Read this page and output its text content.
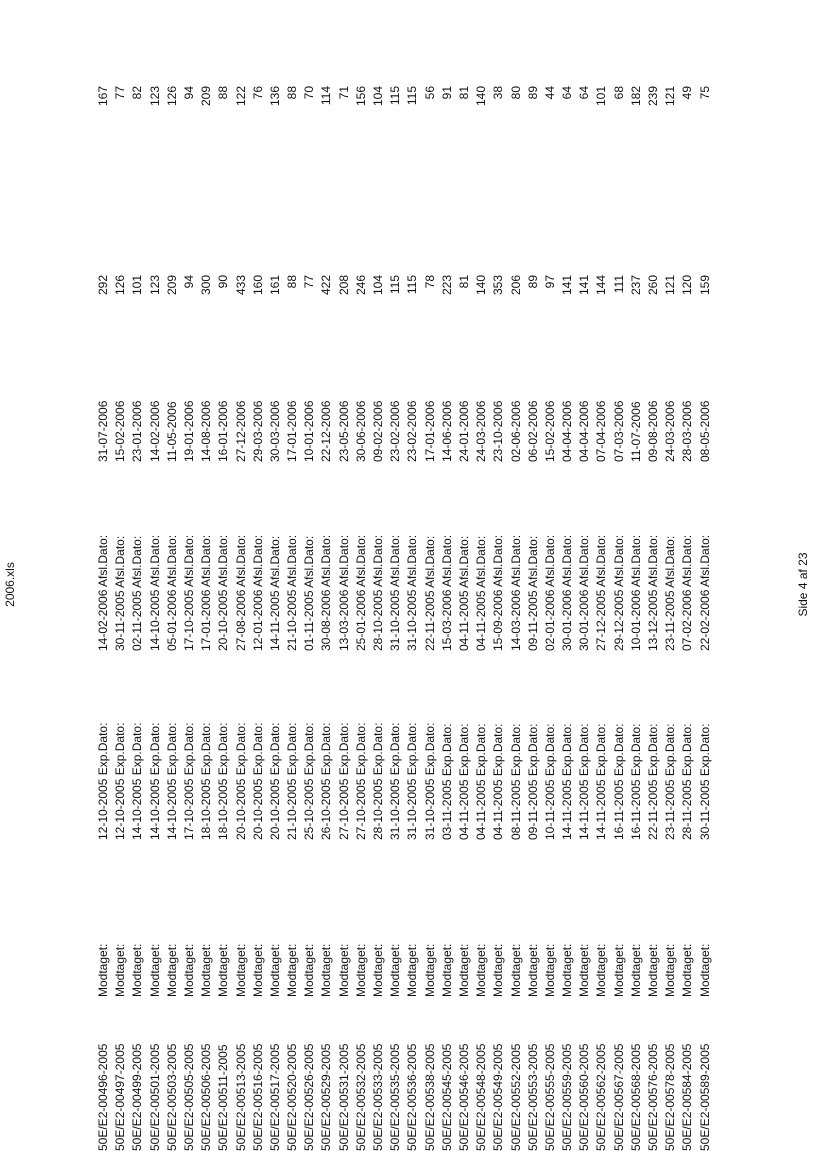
2006.xls
50E/E2-00496-2005
Modtaget:
12-10-2005 Exp.Dato:
14-02-2006 Afsl.Dato:
31-07-2006
292
167
50E/E2-00497-2005
Modtaget:
12-10-2005 Exp.Dato:
30-11-2005 Afsl.Dato:
15-02-2006
126
77
50E/E2-00499-2005
Modtaget:
14-10-2005 Exp.Dato:
02-11-2005 Afsl.Dato:
23-01-2006
101
82
50E/E2-00501-2005
Modtaget:
14-10-2005 Exp.Dato:
14-10-2005 Afsl.Dato:
14-02-2006
123
123
50E/E2-00503-2005
Modtaget:
14-10-2005 Exp.Dato:
05-01-2006 Afsl.Dato:
11-05-2006
209
126
50E/E2-00505-2005
Modtaget:
17-10-2005 Exp.Dato:
17-10-2005 Afsl.Dato:
19-01-2006
94
94
50E/E2-00506-2005
Modtaget:
18-10-2005 Exp.Dato:
17-01-2006 Afsl.Dato:
14-08-2006
300
209
50E/E2-00511-2005
Modtaget:
18-10-2005 Exp.Dato:
20-10-2005 Afsl.Dato:
16-01-2006
90
88
50E/E2-00513-2005
Modtaget:
20-10-2005 Exp.Dato:
27-08-2006 Afsl.Dato:
27-12-2006
433
122
50E/E2-00516-2005
Modtaget:
20-10-2005 Exp.Dato:
12-01-2006 Afsl.Dato:
29-03-2006
160
76
50E/E2-00517-2005
Modtaget:
20-10-2005 Exp.Dato:
14-11-2005 Afsl.Dato:
30-03-2006
161
136
50E/E2-00520-2005
Modtaget:
21-10-2005 Exp.Dato:
21-10-2005 Afsl.Dato:
17-01-2006
88
88
50E/E2-00526-2005
Modtaget:
25-10-2005 Exp.Dato:
01-11-2005 Afsl.Dato:
10-01-2006
77
70
50E/E2-00529-2005
Modtaget:
26-10-2005 Exp.Dato:
30-08-2006 Afsl.Dato:
22-12-2006
422
114
50E/E2-00531-2005
Modtaget:
27-10-2005 Exp.Dato:
13-03-2006 Afsl.Dato:
23-05-2006
208
71
50E/E2-00532-2005
Modtaget:
27-10-2005 Exp.Dato:
25-01-2006 Afsl.Dato:
30-06-2006
246
156
50E/E2-00533-2005
Modtaget:
28-10-2005 Exp.Dato:
28-10-2005 Afsl.Dato:
09-02-2006
104
104
50E/E2-00535-2005
Modtaget:
31-10-2005 Exp.Dato:
31-10-2005 Afsl.Dato:
23-02-2006
115
115
50E/E2-00536-2005
Modtaget:
31-10-2005 Exp.Dato:
31-10-2005 Afsl.Dato:
23-02-2006
115
115
50E/E2-00538-2005
Modtaget:
31-10-2005 Exp.Dato:
22-11-2005 Afsl.Dato:
17-01-2006
78
56
50E/E2-00545-2005
Modtaget:
03-11-2005 Exp.Dato:
15-03-2006 Afsl.Dato:
14-06-2006
223
91
50E/E2-00546-2005
Modtaget:
04-11-2005 Exp.Dato:
04-11-2005 Afsl.Dato:
24-01-2006
81
81
50E/E2-00548-2005
Modtaget:
04-11-2005 Exp.Dato:
04-11-2005 Afsl.Dato:
24-03-2006
140
140
50E/E2-00549-2005
Modtaget:
04-11-2005 Exp.Dato:
15-09-2006 Afsl.Dato:
23-10-2006
353
38
50E/E2-00552-2005
Modtaget:
08-11-2005 Exp.Dato:
14-03-2006 Afsl.Dato:
02-06-2006
206
80
50E/E2-00553-2005
Modtaget:
09-11-2005 Exp.Dato:
09-11-2005 Afsl.Dato:
06-02-2006
89
89
50E/E2-00555-2005
Modtaget:
10-11-2005 Exp.Dato:
02-01-2006 Afsl.Dato:
15-02-2006
97
44
50E/E2-00559-2005
Modtaget:
14-11-2005 Exp.Dato:
30-01-2006 Afsl.Dato:
04-04-2006
141
64
50E/E2-00560-2005
Modtaget:
14-11-2005 Exp.Dato:
30-01-2006 Afsl.Dato:
04-04-2006
141
64
50E/E2-00562-2005
Modtaget:
14-11-2005 Exp.Dato:
27-12-2005 Afsl.Dato:
07-04-2006
144
101
50E/E2-00567-2005
Modtaget:
16-11-2005 Exp.Dato:
29-12-2005 Afsl.Dato:
07-03-2006
111
68
50E/E2-00568-2005
Modtaget:
16-11-2005 Exp.Dato:
10-01-2006 Afsl.Dato:
11-07-2006
237
182
50E/E2-00576-2005
Modtaget:
22-11-2005 Exp.Dato:
13-12-2005 Afsl.Dato:
09-08-2006
260
239
50E/E2-00578-2005
Modtaget:
23-11-2005 Exp.Dato:
23-11-2005 Afsl.Dato:
24-03-2006
121
121
50E/E2-00584-2005
Modtaget:
28-11-2005 Exp.Dato:
07-02-2006 Afsl.Dato:
28-03-2006
120
49
50E/E2-00589-2005
Modtaget:
30-11-2005 Exp.Dato:
22-02-2006 Afsl.Dato:
08-05-2006
159
75
Side 4 af 23
